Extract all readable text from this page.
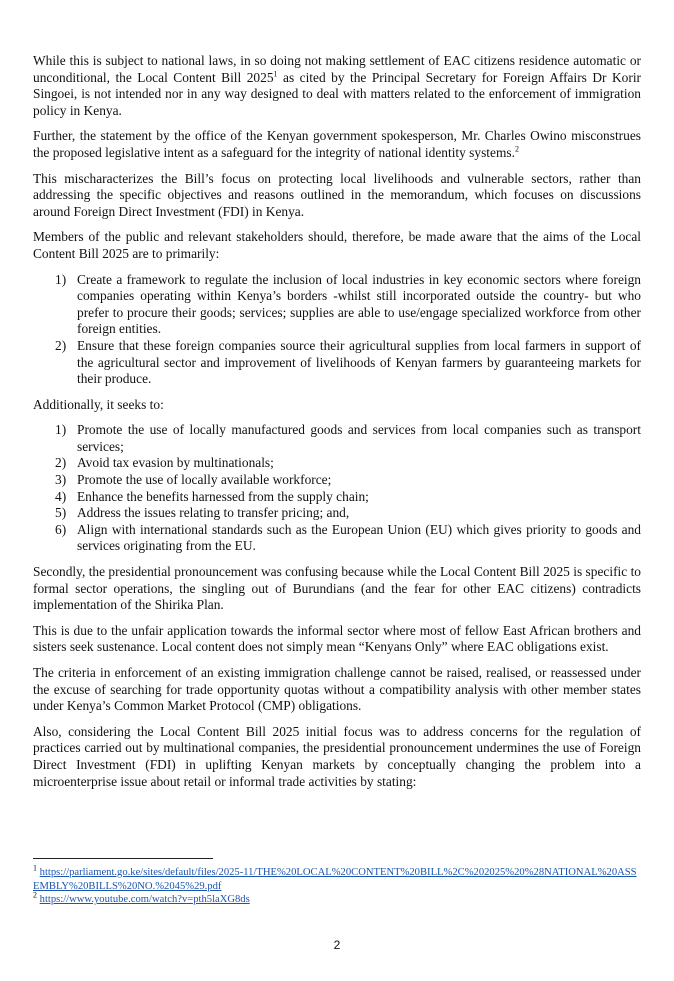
While this is subject to national laws, in so doing not making settlement of EAC citizens residence automatic or unconditional, the Local Content Bill 2025$^1$ as cited by the Principal Secretary for Foreign Affairs Dr Korir Singoei, is not intended nor in any way designed to deal with matters related to the enforcement of immigration policy in Kenya.

Further, the statement by the office of the Kenyan government spokesperson, Mr. Charles Owino misconstrues the proposed legislative intent as a safeguard for the integrity of national identity systems.$^2$

This mischaracterizes the Bill’s focus on protecting local livelihoods and vulnerable sectors, rather than addressing the specific objectives and reasons outlined in the memorandum, which focuses on discussions around Foreign Direct Investment (FDI) in Kenya.

Members of the public and relevant stakeholders should, therefore, be made aware that the aims of the Local Content Bill 2025 are to primarily:

1) Create a framework to regulate the inclusion of local industries in key economic sectors where foreign companies operating within Kenya’s borders -whilst still incorporated outside the country- but who prefer to procure their goods; services; supplies are able to use/engage specialized workforce from other foreign entities.
2) Ensure that these foreign companies source their agricultural supplies from local farmers in support of the agricultural sector and improvement of livelihoods of Kenyan farmers by guaranteeing markets for their produce.

Additionally, it seeks to:

1) Promote the use of locally manufactured goods and services from local companies such as transport services;
2) Avoid tax evasion by multinationals;
3) Promote the use of locally available workforce;
4) Enhance the benefits harnessed from the supply chain;
5) Address the issues relating to transfer pricing; and,
6) Align with international standards such as the European Union (EU) which gives priority to goods and services originating from the EU.

Secondly, the presidential pronouncement was confusing because while the Local Content Bill 2025 is specific to formal sector operations, the singling out of Burundians (and the fear for other EAC citizens) contradicts implementation of the Shirika Plan.

This is due to the unfair application towards the informal sector where most of fellow East African brothers and sisters seek sustenance. Local content does not simply mean “Kenyans Only” where EAC obligations exist.

The criteria in enforcement of an existing immigration challenge cannot be raised, realised, or reassessed under the excuse of searching for trade opportunity quotas without a compatibility analysis with other member states under Kenya’s Common Market Protocol (CMP) obligations.

Also, considering the Local Content Bill 2025 initial focus was to address concerns for the regulation of practices carried out by multinational companies, the presidential pronouncement undermines the use of Foreign Direct Investment (FDI) in uplifting Kenyan markets by conceptually changing the problem into a microenterprise issue about retail or informal trade activities by stating:

$^1$ https://parliament.go.ke/sites/default/files/2025-11/THE%20LOCAL%20CONTENT%20BILL%2C%202025%20%28NATIONAL%20ASSEMBLY%20BILLS%20NO.%2045%29.pdf

$^2$ https://www.youtube.com/watch?v=pth5laXG8ds

2
